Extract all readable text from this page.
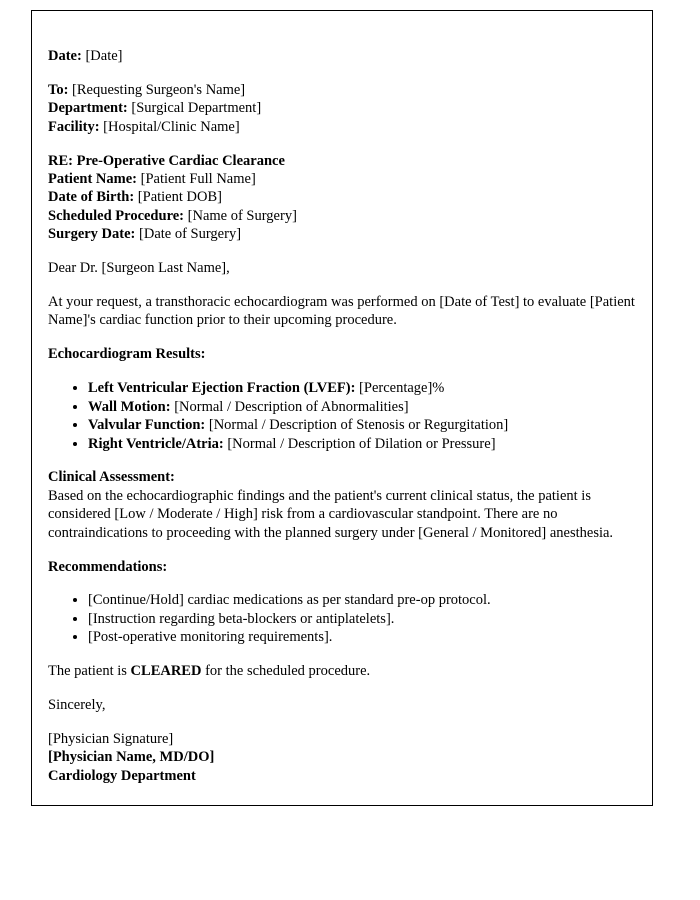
Date: [Date]

To: [Requesting Surgeon's Name]

Department: [Surgical Department]

Facility: [Hospital/Clinic Name]

RE: Pre-Operative Cardiac Clearance

Patient Name: [Patient Full Name]

Date of Birth: [Patient DOB]

Scheduled Procedure: [Name of Surgery]

Surgery Date: [Date of Surgery]

Dear Dr. [Surgeon Last Name],

At your request, a transthoracic echocardiogram was performed on [Date of Test] to evaluate [Patient Name]'s cardiac function prior to their upcoming procedure.

Echocardiogram Results:

• Left Ventricular Ejection Fraction (LVEF): [Percentage]%
• Wall Motion: [Normal / Description of Abnormalities]
• Valvular Function: [Normal / Description of Stenosis or Regurgitation]
• Right Ventricle/Atria: [Normal / Description of Dilation or Pressure]

Clinical Assessment:

Based on the echocardiographic findings and the patient's current clinical status, the patient is considered [Low / Moderate / High] risk from a cardiovascular standpoint. There are no contraindications to proceeding with the planned surgery under [General / Monitored] anesthesia.

Recommendations:

• [Continue/Hold] cardiac medications as per standard pre-op protocol.
• [Instruction regarding beta-blockers or antiplatelets].
• [Post-operative monitoring requirements].

The patient is CLEARED for the scheduled procedure.

Sincerely,

[Physician Signature]

[Physician Name, MD/DO]

Cardiology Department
